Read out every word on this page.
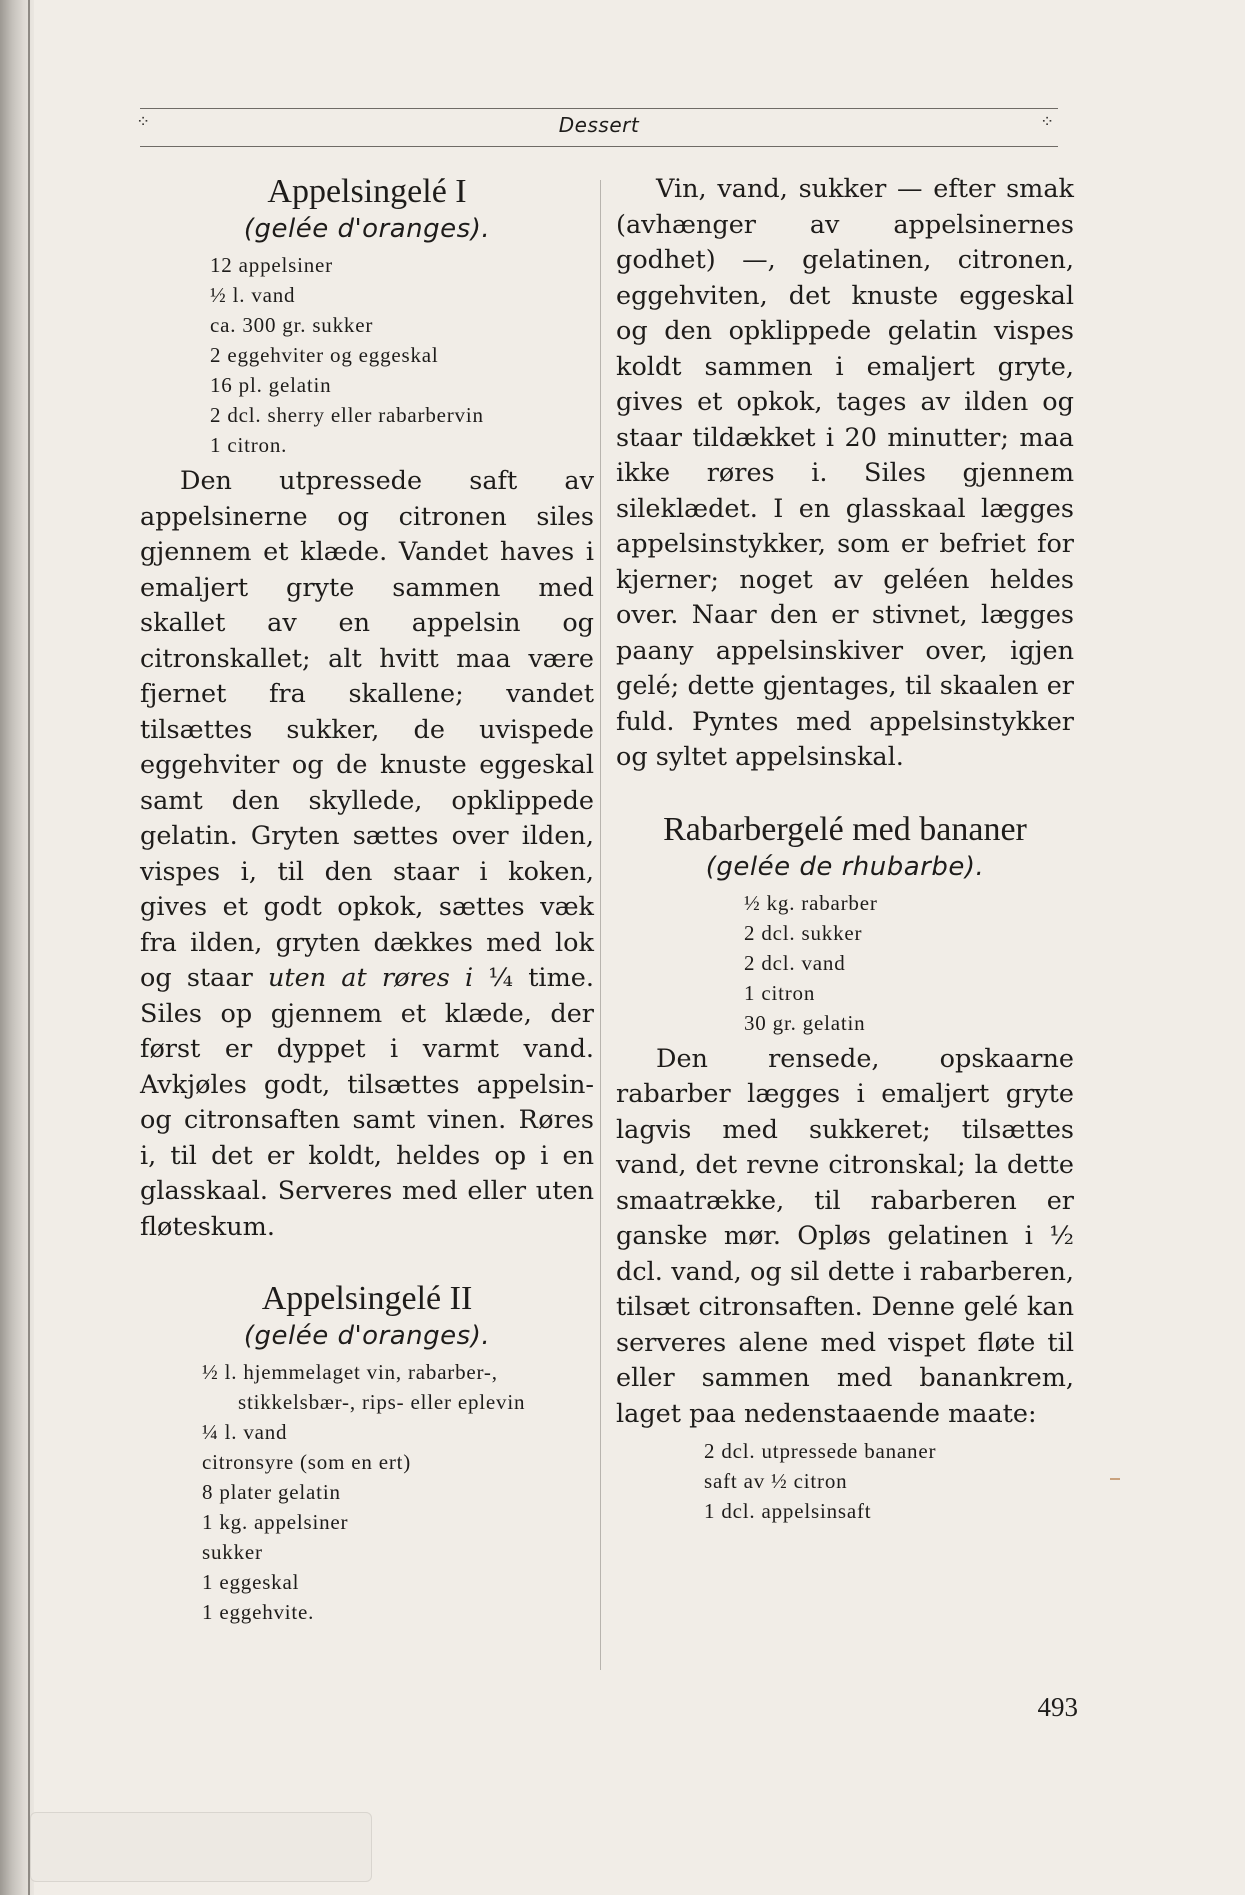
⁘	⁘
Dessert
Appelsingelé I
(gelée d'oranges).
12 appelsiner
½ l. vand
ca. 300 gr. sukker
2 eggehviter og eggeskal
16 pl. gelatin
2 dcl. sherry eller rabarbervin
1 citron.

Den utpressede saft av appelsinerne og citronen siles gjennem et klæde. Vandet haves i emaljert gryte sammen med skallet av en appelsin og citronskallet; alt hvitt maa være fjernet fra skallene; vandet tilsættes sukker, de uvispede eggehviter og de knuste eggeskal samt den skyllede, opklippede gelatin. Gryten sættes over ilden, vispes i, til den staar i koken, gives et godt opkok, sættes væk fra ilden, gryten dækkes med lok og staar uten at røres i ¼ time. Siles op gjennem et klæde, der først er dyppet i varmt vand. Avkjøles godt, tilsættes appelsin- og citronsaften samt vinen. Røres i, til det er koldt, heldes op i en glasskaal. Serveres med eller uten fløteskum.

Appelsingelé II
(gelée d'oranges).
½ l. hjemmelaget vin, rabarber-,
stikkelsbær-, rips- eller eplevin
¼ l. vand
citronsyre (som en ert)
8 plater gelatin
1 kg. appelsiner
sukker
1 eggeskal
1 eggehvite.

Vin, vand, sukker — efter smak (avhænger av appelsinernes godhet) —, gelatinen, citronen, eggehviten, det knuste eggeskal og den opklippede gelatin vispes koldt sammen i emaljert gryte, gives et opkok, tages av ilden og staar tildækket i 20 minutter; maa ikke røres i. Siles gjennem sileklædet. I en glasskaal lægges appelsinstykker, som er befriet for kjerner; noget av geléen heldes over. Naar den er stivnet, lægges paany appelsinskiver over, igjen gelé; dette gjentages, til skaalen er fuld. Pyntes med appelsinstykker og syltet appelsinskal.

Rabarbergelé med bananer
(gelée de rhubarbe).
½ kg. rabarber
2 dcl. sukker
2 dcl. vand
1 citron
30 gr. gelatin

Den rensede, opskaarne rabarber lægges i emaljert gryte lagvis med sukkeret; tilsættes vand, det revne citronskal; la dette smaatrække, til rabarberen er ganske mør. Opløs gelatinen i ½ dcl. vand, og sil dette i rabarberen, tilsæt citronsaften. Denne gelé kan serveres alene med vispet fløte til eller sammen med banankrem, laget paa nedenstaaende maate:

2 dcl. utpressede bananer
saft av ½ citron
1 dcl. appelsinsaft
493
